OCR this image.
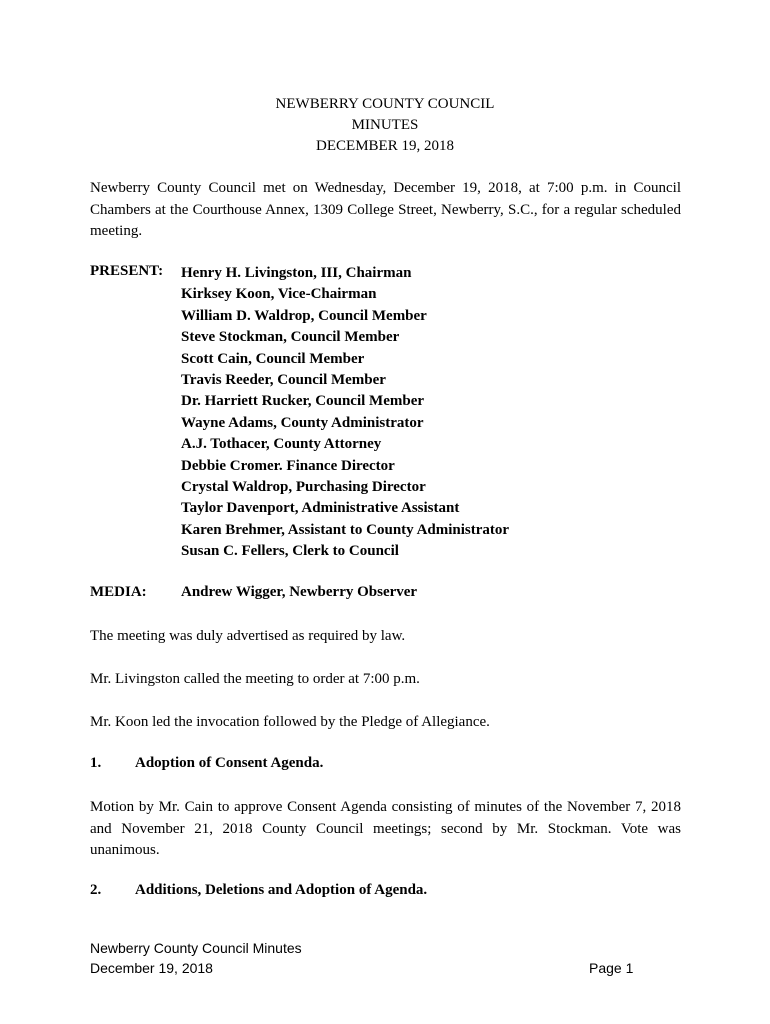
NEWBERRY COUNTY COUNCIL
MINUTES
DECEMBER 19, 2018
Newberry County Council met on Wednesday, December 19, 2018, at 7:00 p.m. in Council Chambers at the Courthouse Annex, 1309 College Street, Newberry, S.C., for a regular scheduled meeting.
PRESENT: Henry H. Livingston, III, Chairman
Kirksey Koon, Vice-Chairman
William D. Waldrop, Council Member
Steve Stockman, Council Member
Scott Cain, Council Member
Travis Reeder, Council Member
Dr. Harriett Rucker, Council Member
Wayne Adams, County Administrator
A.J. Tothacer, County Attorney
Debbie Cromer. Finance Director
Crystal Waldrop, Purchasing Director
Taylor Davenport, Administrative Assistant
Karen Brehmer, Assistant to County Administrator
Susan C. Fellers, Clerk to Council
MEDIA: Andrew Wigger, Newberry Observer
The meeting was duly advertised as required by law.
Mr. Livingston called the meeting to order at 7:00 p.m.
Mr. Koon led the invocation followed by the Pledge of Allegiance.
1. Adoption of Consent Agenda.
Motion by Mr. Cain to approve Consent Agenda consisting of minutes of the November 7, 2018 and November 21, 2018 County Council meetings; second by Mr. Stockman. Vote was unanimous.
2. Additions, Deletions and Adoption of Agenda.
Newberry County Council Minutes
December 19, 2018	Page 1
